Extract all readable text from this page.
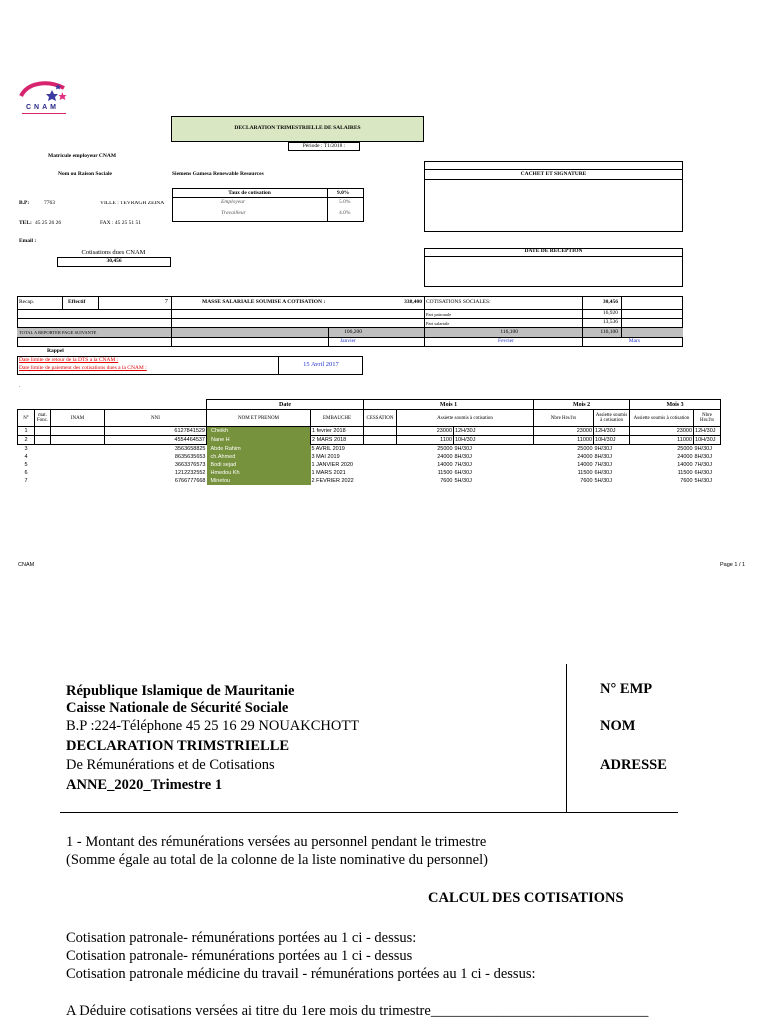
CNAM
DECLARATION TRIMESTRIELLE DE SALAIRES
Période : T1/2018 :
Matricule employeur CNAM
Nom ou Raison Sociale	Siemens Gamesa Renewable Resources	CACHET ET SIGNATURE
Taux de cotisation	9.0%
Employeur	5.0%
Travailleur	4.0%
B.P:	7763	VILLE : TEVRAGH ZEINA
TEL: 45 25 26 26	FAX : 45 25 51 51
Email :
Cotisations dues CNAM
30,456
DATE DE RECEPTION
Recap.	Effectif	7	MASSE SALARIALE SOUMISE A COTISATION :	338,400 COTISATIONS SOCIALES:	30,456
Part patronale	16,920
Part salariale	13,536
TOTAL A REPORTER PAGE SUIVANTE	106,200	116,100	116,100
Janvier	Fevrier	Mars
Rappel
Date limite de retour de la DTS a la CNAM :
Date limite de paiement des cotisations dues a la CNAM :	15 Avril 2017
.
				Date		Mois 1			Mois 2		Mois 3	
N°	mat. Fonc.	INAM	NNI	NOM ET PRENOM	EMBAUCHE	CESSATION	Assiette soumis à cotisation		Nbre Hrs/Jrs	Assiette soumis à cotisation	Assiette soumis à cotisation	Nbre Hrs/Jrs
1			6127841529	Cheikh	1 fevrier 2018		23000	12H/30J	23000	12H/30J	23000	12H/30J
2			4554464537	Nane H	2 MARS 2018		1100	10H/30J	11000	10H/30J	11000	10H/30J
3			3563658825	Abde Rahim	5 AVRIL 2019		25000	9H/30J	25000	9H/30J	25000	9H/30J
4			8635635653	ch.Ahmed	3 MAI 2019		24000	8H/30J	24000	8H/30J	24000	8H/30J
5			3663376573	Bodi sejad	1 JANVIER 2020		14000	7H/30J	14000	7H/30J	14000	7H/30J
6			1212232552	Hmedou Kh	1 MARS 2021		11500	6H/30J	11500	6H/30J	11500	6H/30J
7			6766777668	Minetou	2 FEVRIER 2022		7600	5H/30J	7600	5H/30J	7600	5H/30J
CNAM	Page 1 / 1
République Islamique de Mauritanie
Caisse Nationale de Sécurité Sociale
B.P :224-Téléphone 45 25 16 29 NOUAKCHOTT
DECLARATION TRIMSTRIELLE
De Rémunérations et de Cotisations
ANNE_2020_Trimestre 1
N° EMP
NOM
ADRESSE
1 - Montant des rémunérations versées au personnel pendant le trimestre
(Somme égale au total de la colonne de la liste nominative du personnel)
CALCUL DES COTISATIONS
Cotisation patronale- rémunérations portées au 1 ci - dessus:
Cotisation patronale- rémunérations portées au 1 ci - dessus
Cotisation patronale médicine du travail - rémunérations portées au 1 ci - dessus:
A Déduire cotisations versées ai titre du 1ere mois du trimestre______________________________
